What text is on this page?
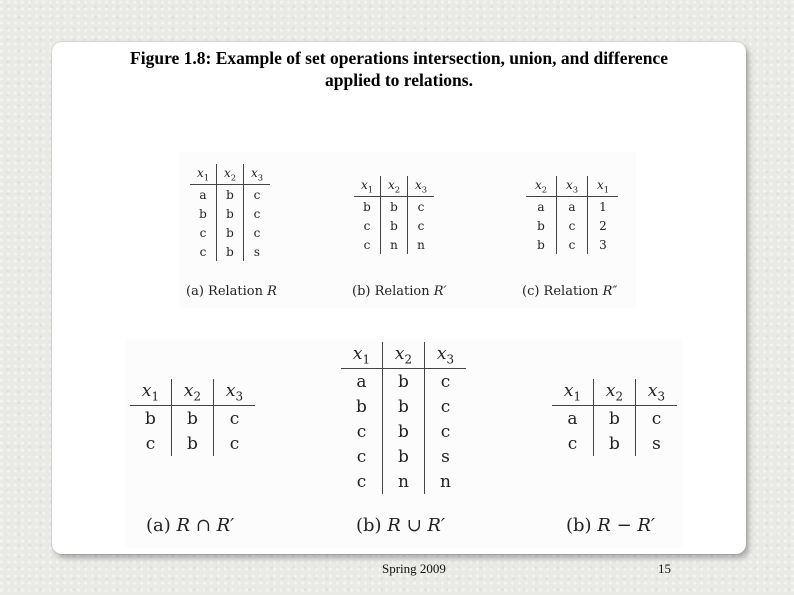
Figure 1.8: Example of set operations intersection, union, and difference
applied to relations.
$x_1$	$x_2$	$x_3$
a	b	c
b	b	c
c	b	c
c	b	s
(a) Relation R
$x_1$	$x_2$	$x_3$
b	b	c
c	b	c
c	n	n
(b) Relation R′
$x_2$	$x_3$	$x_1$
a	a	1
b	c	2
b	c	3
(c) Relation R″
$x_1$	$x_2$	$x_3$
b	b	c
c	b	c
(a) R ∩ R′
$x_1$	$x_2$	$x_3$
a	b	c
b	b	c
c	b	c
c	b	s
c	n	n
(b) R ∪ R′
$x_1$	$x_2$	$x_3$
a	b	c
c	b	s
(b) R − R′
Spring 2009	15
